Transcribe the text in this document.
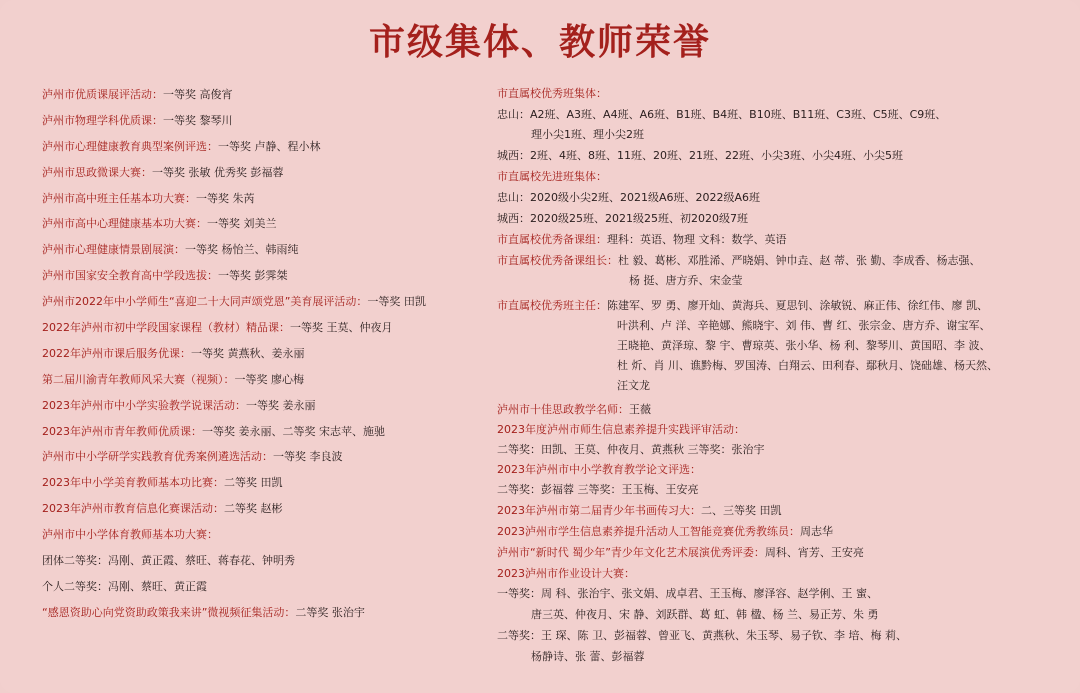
市级集体、教师荣誉
泸州市优质课展评活动：一等奖 高俊宵
泸州市物理学科优质课：一等奖 黎琴川
泸州市心理健康教育典型案例评选：一等奖 卢静、程小林
泸州市思政微课大赛：一等奖 张敏 优秀奖 彭福蓉
泸州市高中班主任基本功大赛：一等奖 朱芮
泸州市高中心理健康基本功大赛：一等奖 刘美兰
泸州市心理健康情景剧展演：一等奖 杨怡兰、韩雨纯
泸州市国家安全教育高中学段选拔：一等奖 彭霁桀
泸州市2022年中小学师生“喜迎二十大同声颂党恩”美育展评活动：一等奖 田凯
2022年泸州市初中学段国家课程（教材）精品课：一等奖 王莫、仲夜月
2022年泸州市课后服务优课：一等奖 黄燕秋、姜永丽
第二届川渝青年教师风采大赛（视频）：一等奖 廖心梅
2023年泸州市中小学实验教学说课活动：一等奖 姜永丽
2023年泸州市青年教师优质课：一等奖 姜永丽、二等奖 宋志苹、施驰
泸州市中小学研学实践教育优秀案例遴选活动：一等奖 李良波
2023年中小学美育教师基本功比赛：二等奖 田凯
2023年泸州市教育信息化赛课活动：二等奖 赵彬
泸州市中小学体育教师基本功大赛：
团体二等奖：冯刚、黄正霞、蔡旺、蒋春花、钟明秀
个人二等奖：冯刚、蔡旺、黄正霞
“感恩资助心向党资助政策我来讲”微视频征集活动：二等奖 张治宇
市直属校优秀班集体：
忠山：A2班、A3班、A4班、A6班、B1班、B4班、B10班、B11班、C3班、C5班、C9班、
理小尖1班、理小尖2班
城西：2班、4班、8班、11班、20班、21班、22班、小尖3班、小尖4班、小尖5班
市直属校先进班集体：
忠山：2020级小尖2班、2021级A6班、2022级A6班
城西：2020级25班、2021级25班、初2020级7班
市直属校优秀备课组：理科：英语、物理 文科：数学、英语
市直属校优秀备课组长：杜 毅、葛彬、邓胜浠、严晓娟、钟巾垚、赵 蒂、张 勤、李成香、杨志强、
杨 挺、唐方乔、宋金莹
市直属校优秀班主任：陈建军、罗 勇、廖开灿、黄海兵、夏思钊、涂敏锐、麻正伟、徐红伟、廖 凯、
叶洪利、卢 洋、辛艳娜、熊晓宇、刘 伟、曹 红、张宗金、唐方乔、谢宝军、
王晓艳、黄泽琼、黎 宇、曹琼英、张小华、杨 利、黎琴川、黄国昭、李 波、
杜 炘、肖 川、谯黔梅、罗国涛、白翔云、田利春、鄢秋月、饶础雄、杨天然、
汪文龙
泸州市十佳思政教学名师：王薇
2023年度泸州市师生信息素养提升实践评审活动：
二等奖：田凯、王莫、仲夜月、黄燕秋 三等奖：张治宇
2023年泸州市中小学教育教学论文评选：
二等奖：彭福蓉 三等奖：王玉梅、王安亮
2023年泸州市第二届青少年书画传习大：二、三等奖 田凯
2023泸州市学生信息素养提升活动人工智能竞赛优秀教练员：周志华
泸州市“新时代 蜀少年”青少年文化艺术展演优秀评委：周科、宵芳、王安亮
2023泸州市作业设计大赛：
一等奖：周 科、张治宇、张文娟、成卓君、王玉梅、廖泽容、赵学俐、王 蜜、
唐三英、仲夜月、宋 静、刘跃群、葛 虹、韩 楹、杨 兰、易正芳、朱 勇
二等奖：王 琛、陈 卫、彭福蓉、曾亚飞、黄燕秋、朱玉琴、易子钦、李 培、梅 莉、
杨静诗、张 蕾、彭福蓉
